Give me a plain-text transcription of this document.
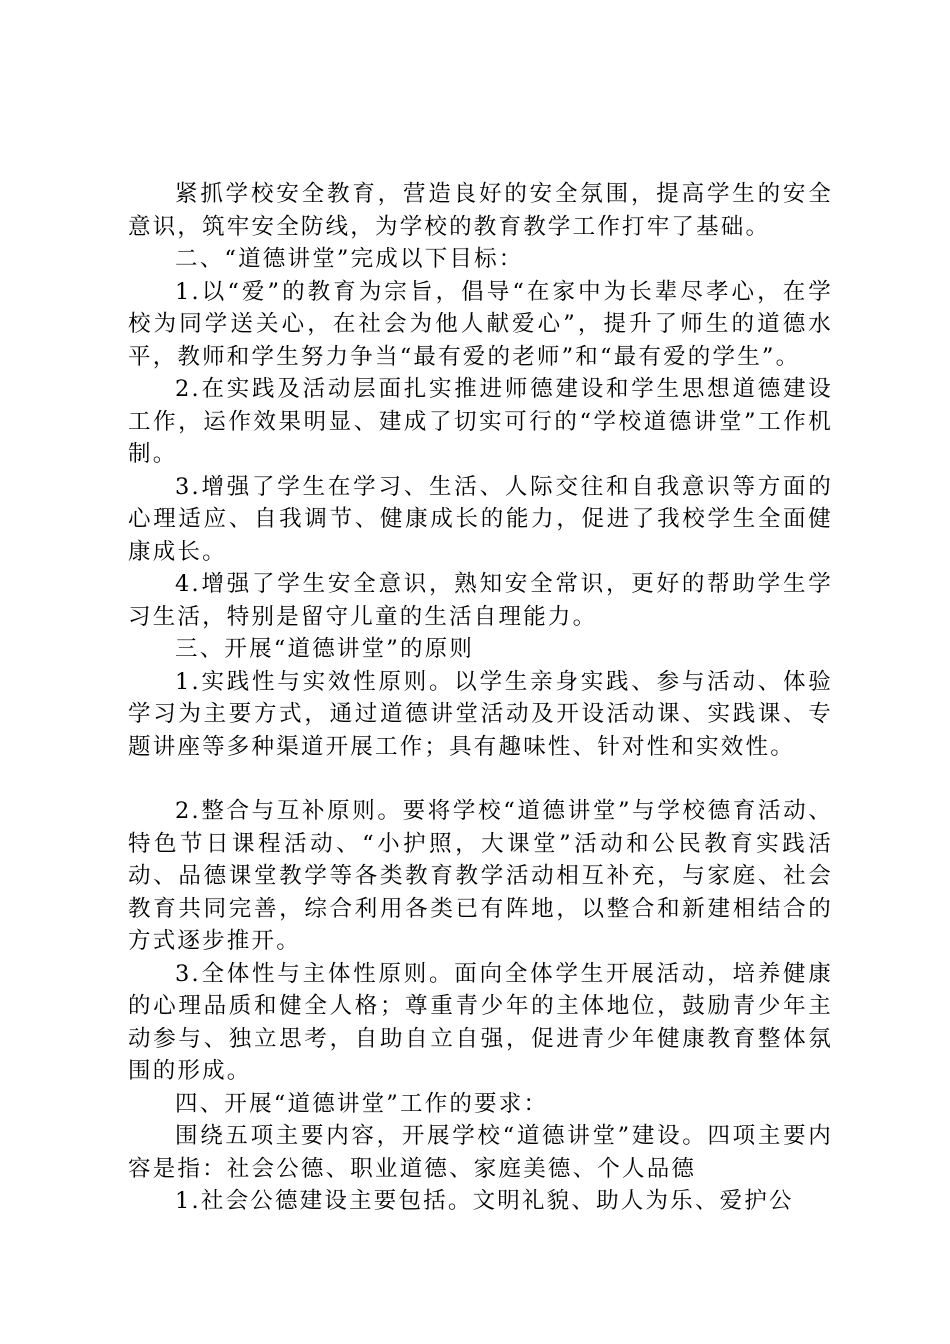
紧抓学校安全教育，营造良好的安全氛围，提高学生的安全意识，筑牢安全防线，为学校的教育教学工作打牢了基础。

二、“道德讲堂”完成以下目标：

1.以“爱”的教育为宗旨，倡导“在家中为长辈尽孝心，在学校为同学送关心，在社会为他人献爱心”，提升了师生的道德水平，教师和学生努力争当“最有爱的老师”和“最有爱的学生”。

2.在实践及活动层面扎实推进师德建设和学生思想道德建设工作，运作效果明显、建成了切实可行的“学校道德讲堂”工作机制。

3.增强了学生在学习、生活、人际交往和自我意识等方面的心理适应、自我调节、健康成长的能力，促进了我校学生全面健康成长。

4.增强了学生安全意识，熟知安全常识，更好的帮助学生学习生活，特别是留守儿童的生活自理能力。

三、开展“道德讲堂”的原则

1.实践性与实效性原则。以学生亲身实践、参与活动、体验学习为主要方式，通过道德讲堂活动及开设活动课、实践课、专题讲座等多种渠道开展工作；具有趣味性、针对性和实效性。

2.整合与互补原则。要将学校“道德讲堂”与学校德育活动、特色节日课程活动、“小护照，大课堂”活动和公民教育实践活动、品德课堂教学等各类教育教学活动相互补充，与家庭、社会教育共同完善，综合利用各类已有阵地，以整合和新建相结合的方式逐步推开。

3.全体性与主体性原则。面向全体学生开展活动，培养健康的心理品质和健全人格；尊重青少年的主体地位，鼓励青少年主动参与、独立思考，自助自立自强，促进青少年健康教育整体氛围的形成。

四、开展“道德讲堂”工作的要求：

围绕五项主要内容，开展学校“道德讲堂”建设。四项主要内容是指：社会公德、职业道德、家庭美德、个人品德

1.社会公德建设主要包括。文明礼貌、助人为乐、爱护公
